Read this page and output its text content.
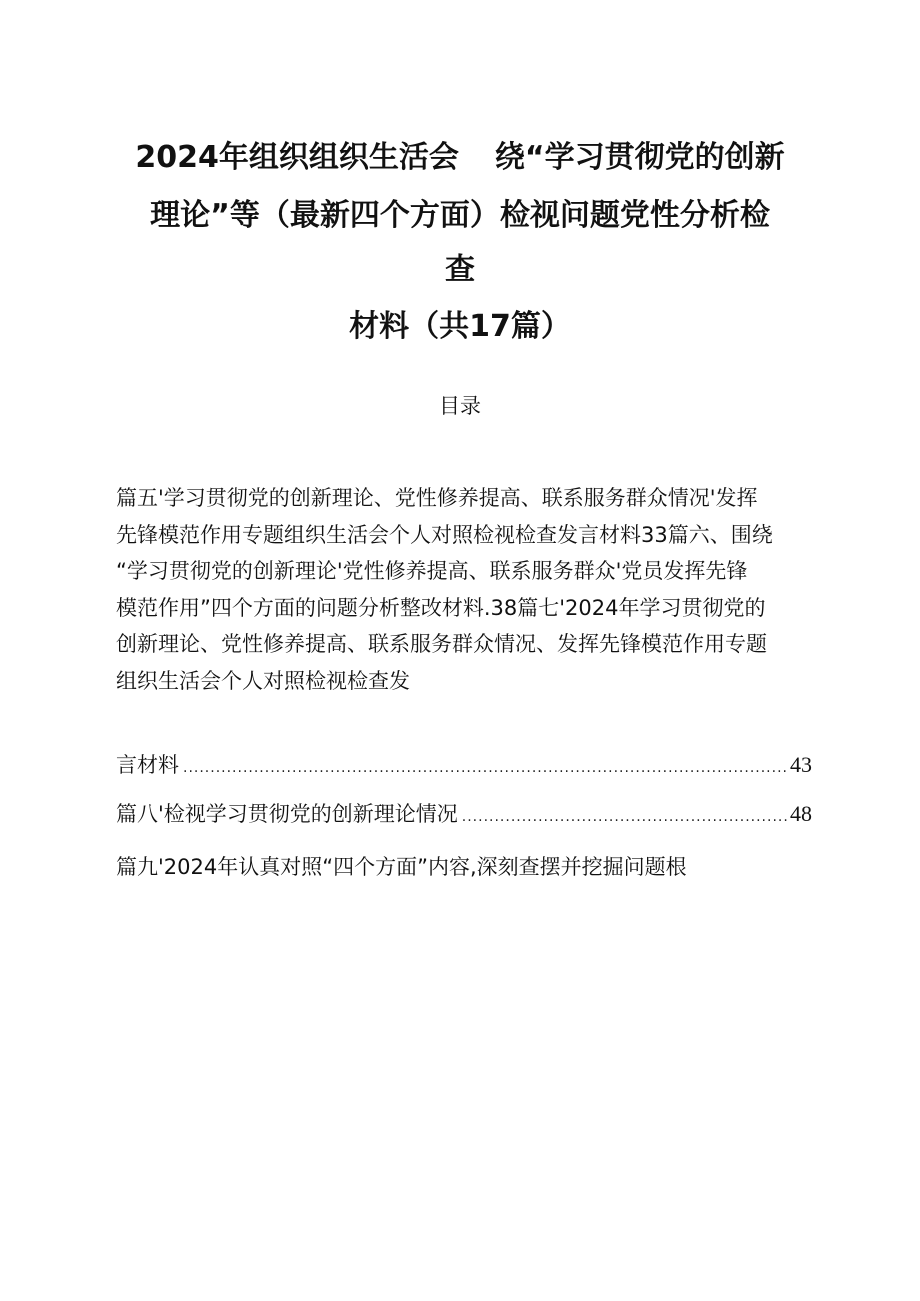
2024年组织组织生活会 绕“学习贯彻党的创新
理论”等（最新四个方面）检视问题党性分析检
查
材料（共17篇）
目录
篇五'学习贯彻党的创新理论、党性修养提高、联系服务群众情况'发挥
先锋模范作用专题组织生活会个人对照检视检查发言材料33篇六、围绕
“学习贯彻党的创新理论'党性修养提高、联系服务群众'党员发挥先锋
模范作用”四个方面的问题分析整改材料.38篇七'2024年学习贯彻党的
创新理论、党性修养提高、联系服务群众情况、发挥先锋模范作用专题
组织生活会个人对照检视检查发
言材料 .....	43
篇八'检视学习贯彻党的创新理论情况 .....	48
篇九'2024年认真对照“四个方面”内容,深刻查摆并挖掘问题根
